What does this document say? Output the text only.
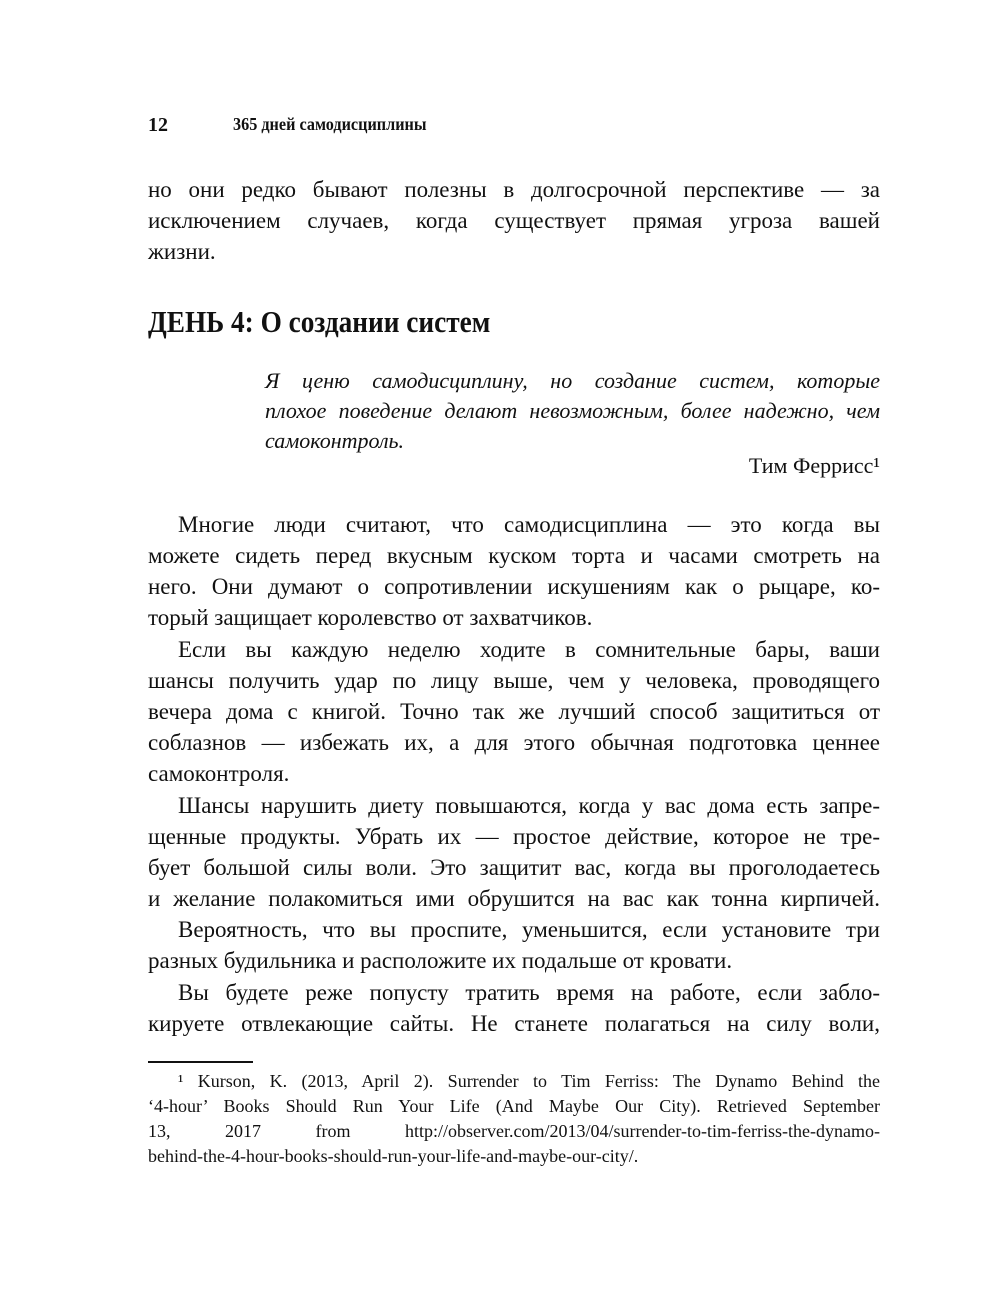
12	365 дней самодисциплины
ДЕНЬ 4: О создании систем
Тим Феррисс¹
но они редко бывают полезны в долгосрочной перспективе — за
исключением случаев, когда существует прямая угроза вашей
жизни.
Я ценю самодисциплину, но создание систем, которые
плохое поведение делают невозможным, более надежно, чем
самоконтроль.
Многие люди считают, что самодисциплина — это когда вы
можете сидеть перед вкусным куском торта и часами смотреть на
него. Они думают о сопротивлении искушениям как о рыцаре, ко-
торый защищает королевство от захватчиков.
Если вы каждую неделю ходите в сомнительные бары, ваши
шансы получить удар по лицу выше, чем у человека, проводящего
вечера дома с книгой. Точно так же лучший способ защититься от
соблазнов — избежать их, а для этого обычная подготовка ценнее
самоконтроля.
Шансы нарушить диету повышаются, когда у вас дома есть запре-
щенные продукты. Убрать их — простое действие, которое не тре-
бует большой силы воли. Это защитит вас, когда вы проголодаетесь
и желание полакомиться ими обрушится на вас как тонна кирпичей.
Вероятность, что вы проспите, уменьшится, если установите три
разных будильника и расположите их подальше от кровати.
Вы будете реже попусту тратить время на работе, если забло-
кируете отвлекающие сайты. Не станете полагаться на силу воли,
¹ Kurson, K. (2013, April 2). Surrender to Tim Ferriss: The Dynamo Behind the
‘4-hour’ Books Should Run Your Life (And Maybe Our City). Retrieved September
13, 2017 from http://observer.com/2013/04/surrender-to-tim-ferriss-the-dynamo-
behind-the-4-hour-books-should-run-your-life-and-maybe-our-city/.
